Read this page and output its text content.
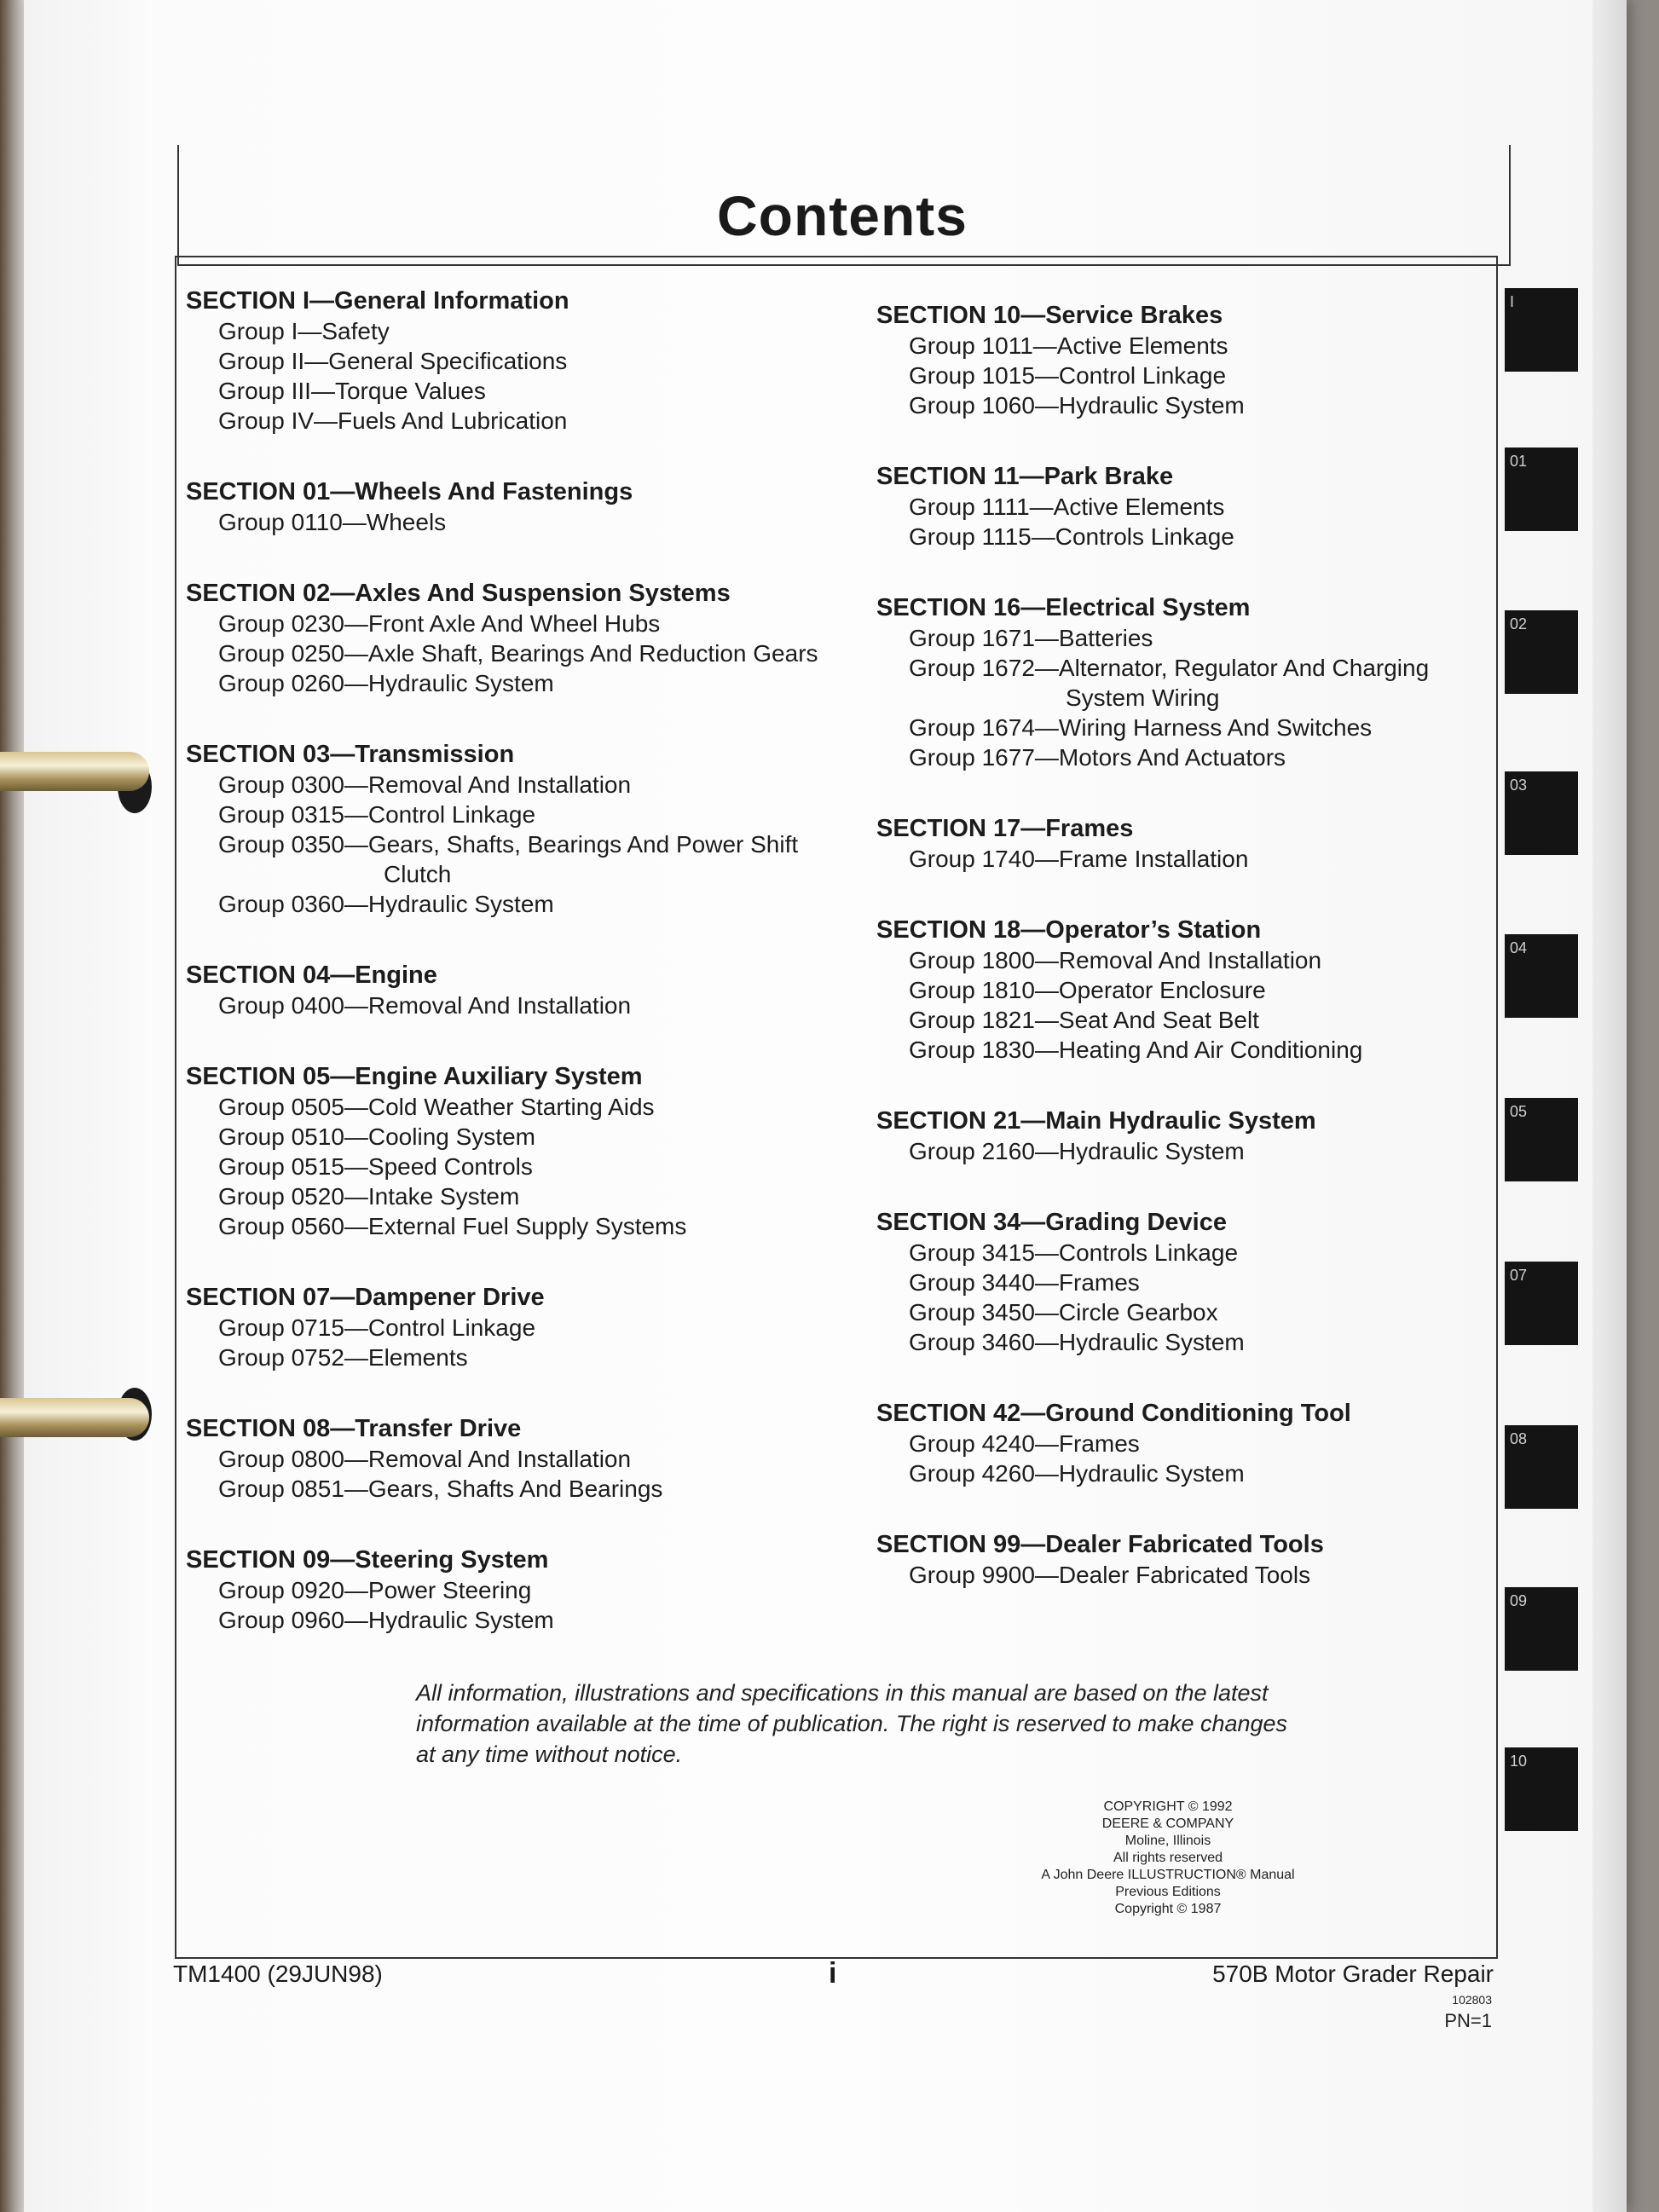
Contents
SECTION I—General Information
Group I—Safety
Group II—General Specifications
Group III—Torque Values
Group IV—Fuels And Lubrication
SECTION 01—Wheels And Fastenings
Group 0110—Wheels
SECTION 02—Axles And Suspension Systems
Group 0230—Front Axle And Wheel Hubs
Group 0250—Axle Shaft, Bearings And Reduction Gears
Group 0260—Hydraulic System
SECTION 03—Transmission
Group 0300—Removal And Installation
Group 0315—Control Linkage
Group 0350—Gears, Shafts, Bearings And Power Shift Clutch
Group 0360—Hydraulic System
SECTION 04—Engine
Group 0400—Removal And Installation
SECTION 05—Engine Auxiliary System
Group 0505—Cold Weather Starting Aids
Group 0510—Cooling System
Group 0515—Speed Controls
Group 0520—Intake System
Group 0560—External Fuel Supply Systems
SECTION 07—Dampener Drive
Group 0715—Control Linkage
Group 0752—Elements
SECTION 08—Transfer Drive
Group 0800—Removal And Installation
Group 0851—Gears, Shafts And Bearings
SECTION 09—Steering System
Group 0920—Power Steering
Group 0960—Hydraulic System
SECTION 10—Service Brakes
Group 1011—Active Elements
Group 1015—Control Linkage
Group 1060—Hydraulic System
SECTION 11—Park Brake
Group 1111—Active Elements
Group 1115—Controls Linkage
SECTION 16—Electrical System
Group 1671—Batteries
Group 1672—Alternator, Regulator And Charging System Wiring
Group 1674—Wiring Harness And Switches
Group 1677—Motors And Actuators
SECTION 17—Frames
Group 1740—Frame Installation
SECTION 18—Operator’s Station
Group 1800—Removal And Installation
Group 1810—Operator Enclosure
Group 1821—Seat And Seat Belt
Group 1830—Heating And Air Conditioning
SECTION 21—Main Hydraulic System
Group 2160—Hydraulic System
SECTION 34—Grading Device
Group 3415—Controls Linkage
Group 3440—Frames
Group 3450—Circle Gearbox
Group 3460—Hydraulic System
SECTION 42—Ground Conditioning Tool
Group 4240—Frames
Group 4260—Hydraulic System
SECTION 99—Dealer Fabricated Tools
Group 9900—Dealer Fabricated Tools
All information, illustrations and specifications in this manual are based on the latest information available at the time of publication. The right is reserved to make changes at any time without notice.
COPYRIGHT © 1992
DEERE & COMPANY
Moline, Illinois
All rights reserved
A John Deere ILLUSTRUCTION® Manual
Previous Editions
Copyright © 1987
TM1400 (29JUN98)	i	570B Motor Grader Repair
102803
PN=1
I
01
02
03
04
05
07
08
09
10
